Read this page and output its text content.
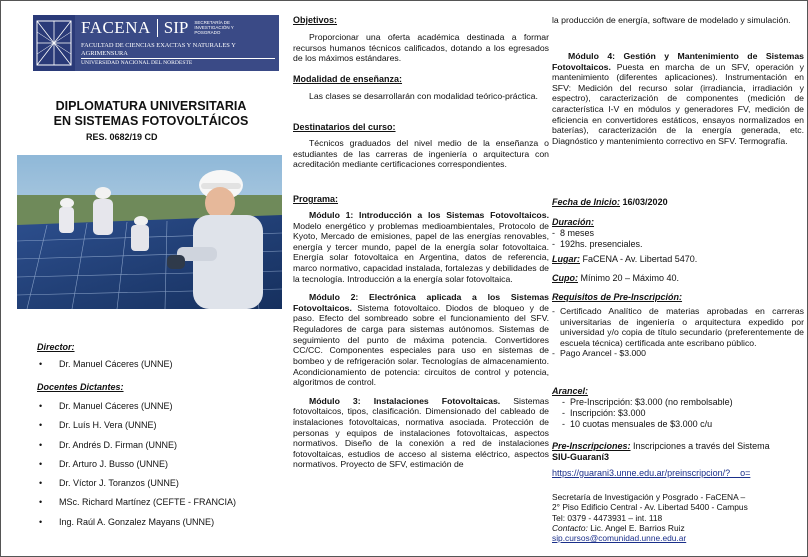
FACENA SIP SECRETARÍA DE INVESTIGACIÓN Y POSGRADO
FACULTAD DE CIENCIAS EXACTAS Y NATURALES Y AGRIMENSURA
UNIVERSIDAD NACIONAL DEL NORDESTE
DIPLOMATURA UNIVERSITARIA
EN SISTEMAS FOTOVOLTÁICOS
RES. 0682/19 CD
Director:
• Dr. Manuel Cáceres (UNNE)
Docentes Dictantes:
• Dr. Manuel Cáceres (UNNE)
• Dr. Luís H. Vera (UNNE)
• Dr. Andrés D. Firman (UNNE)
• Dr. Arturo J. Busso (UNNE)
• Dr. Víctor J. Toranzos (UNNE)
• MSc. Richard Martínez (CEFTE - FRANCIA)
• Ing. Raúl A. Gonzalez Mayans (UNNE)
Objetivos:

Proporcionar una oferta académica destinada a formar recursos humanos técnicos calificados, dotando a los egresados de los máximos estándares.

Modalidad de enseñanza:

Las clases se desarrollarán con modalidad teórico-práctica.

Destinatarios del curso:

Técnicos graduados del nivel medio de la enseñanza o estudiantes de las carreras de ingeniería o arquitectura con acreditación mediante certificaciones correspondientes.

Programa:

Módulo 1: Introducción a los Sistemas Fotovoltaicos. Modelo energético y problemas medioambientales, Protocolo de Kyoto, Mercado de emisiones, papel de las energías renovables, energía y tercer mundo, papel de la energía solar fotovoltaica. Energía solar fotovoltaica en Argentina, datos de referencia, marco normativo, capacidad instalada, fortalezas y debilidades de la tecnología. Introducción a la energía solar fotovoltaica.

Módulo 2: Electrónica aplicada a los Sistemas Fotovoltaicos. Sistema fotovoltaico. Diodos de bloqueo y de paso. Efecto del sombreado sobre el funcionamiento del SFV. Reguladores de carga para sistemas autónomos. Sistemas de seguimiento del punto de máxima potencia. Convertidores CC/CC. Componentes especiales para uso en sistemas de bombeo y de refrigeración solar. Tecnologías de almacenamiento. Acondicionamiento de potencia: circuitos de control y potencia, algoritmos de control.

Módulo 3: Instalaciones Fotovoltaicas. Sistemas fotovoltaicos, tipos, clasificación. Dimensionado del cableado de instalaciones fotovoltaicas, normativa asociada. Protección de personas y equipos de instalaciones fotovoltaicas, aspectos normativos. Diseño de la conexión a red de instalaciones fotovoltaicas, estudios de acceso al sistema eléctrico, aspectos normativos. Proyecto de SFV, estimación de

la producción de energía, software de modelado y simulación.

Módulo 4: Gestión y Mantenimiento de Sistemas Fotovoltaicos. Puesta en marcha de un SFV, operación y mantenimiento (diferentes aplicaciones). Instrumentación en SFV: Medición del recurso solar (irradiancia, irradiación y espectro), caracterización de componentes (medición de característica I-V en módulos y generadores FV, medición de eficiencia en convertidores estáticos, ensayos normalizados en baterías), caracterización de la energía generada, etc. Diagnóstico y mantenimiento correctivo en SFV. Termografía.

Fecha de Inicio: 16/03/2020
Duración:
- 8 meses
- 192hs. presenciales.
Lugar: FaCENA - Av. Libertad 5470.
Cupo: Mínimo 20 – Máximo 40.
Requisitos de Pre-Inscripción:
- Certificado Analítico de materias aprobadas en carreras universitarias de ingeniería o arquitectura expedido por universidad y/o copia de título secundario (preferentemente de escuela técnica) certificada ante escribano público.
- Pago Arancel - $3.000
Arancel:
- Pre-Inscripción: $3.000 (no rembolsable)
- Inscripción: $3.000
- 10 cuotas mensuales de $3.000 c/u
Pre-Inscripciones: Inscripciones a través del Sistema
SIU-Guaraní3
https://guarani3.unne.edu.ar/preinscripcion/?    o=
Secretaría de Investigación y Posgrado - FaCENA –
2° Piso Edificio Central - Av. Libertad 5400 - Campus
Tel: 0379 - 4473931 – int. 118
Contacto: Lic. Angel E. Barrios Ruiz
sip.cursos@comunidad.unne.edu.ar
